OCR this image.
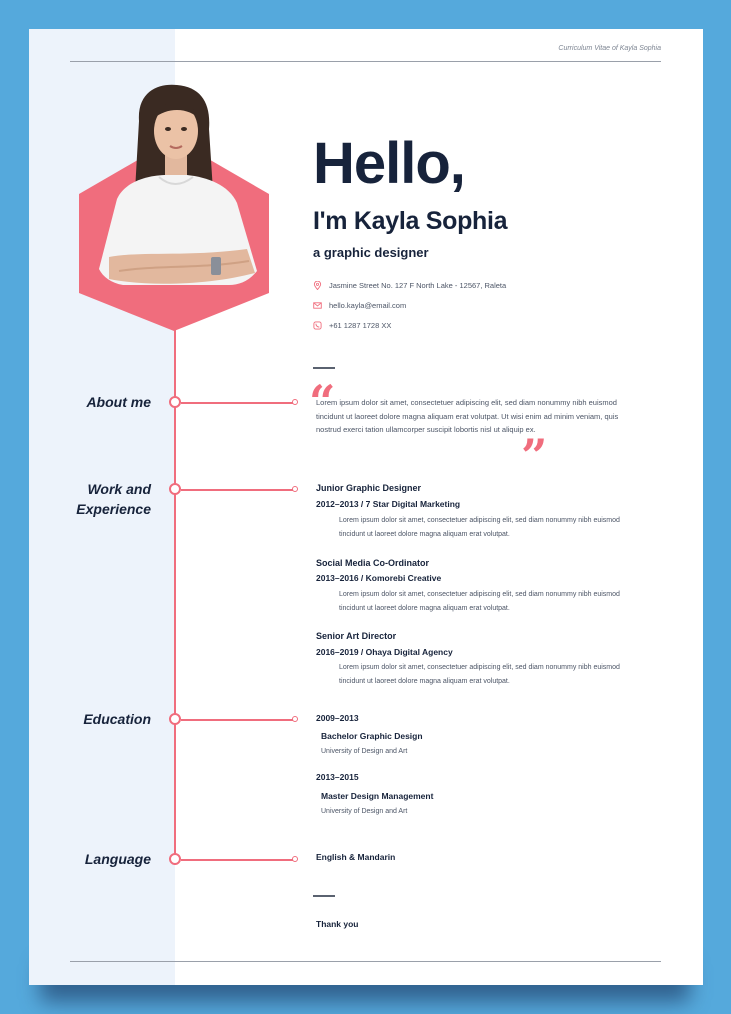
Curriculum Vitae of Kayla Sophia
Hello,
I'm Kayla Sophia
a graphic designer
Jasmine Street No. 127 F North Lake - 12567, Raleta
hello.kayla@email.com
+61 1287 1728 XX
About me	“
Lorem ipsum dolor sit amet, consectetuer adipiscing elit, sed diam nonummy nibh euismod tincidunt ut laoreet dolore magna aliquam erat volutpat. Ut wisi enim ad minim veniam, quis nostrud exerci tation ullamcorper suscipit lobortis nisl ut aliquip ex.
”
Work and
Experience
Junior Graphic Designer
2012–2013 / 7 Star Digital Marketing
Lorem ipsum dolor sit amet, consectetuer adipiscing elit, sed diam nonummy nibh euismod tincidunt ut laoreet dolore magna aliquam erat volutpat.
Social Media Co-Ordinator
2013–2016 / Komorebi Creative
Lorem ipsum dolor sit amet, consectetuer adipiscing elit, sed diam nonummy nibh euismod tincidunt ut laoreet dolore magna aliquam erat volutpat.
Senior Art Director
2016–2019 / Ohaya Digital Agency
Lorem ipsum dolor sit amet, consectetuer adipiscing elit, sed diam nonummy nibh euismod tincidunt ut laoreet dolore magna aliquam erat volutpat.
Education	2009–2013
Bachelor Graphic Design
University of Design and Art
2013–2015
Master Design Management
University of Design and Art
Language	English & Mandarin
Thank you
